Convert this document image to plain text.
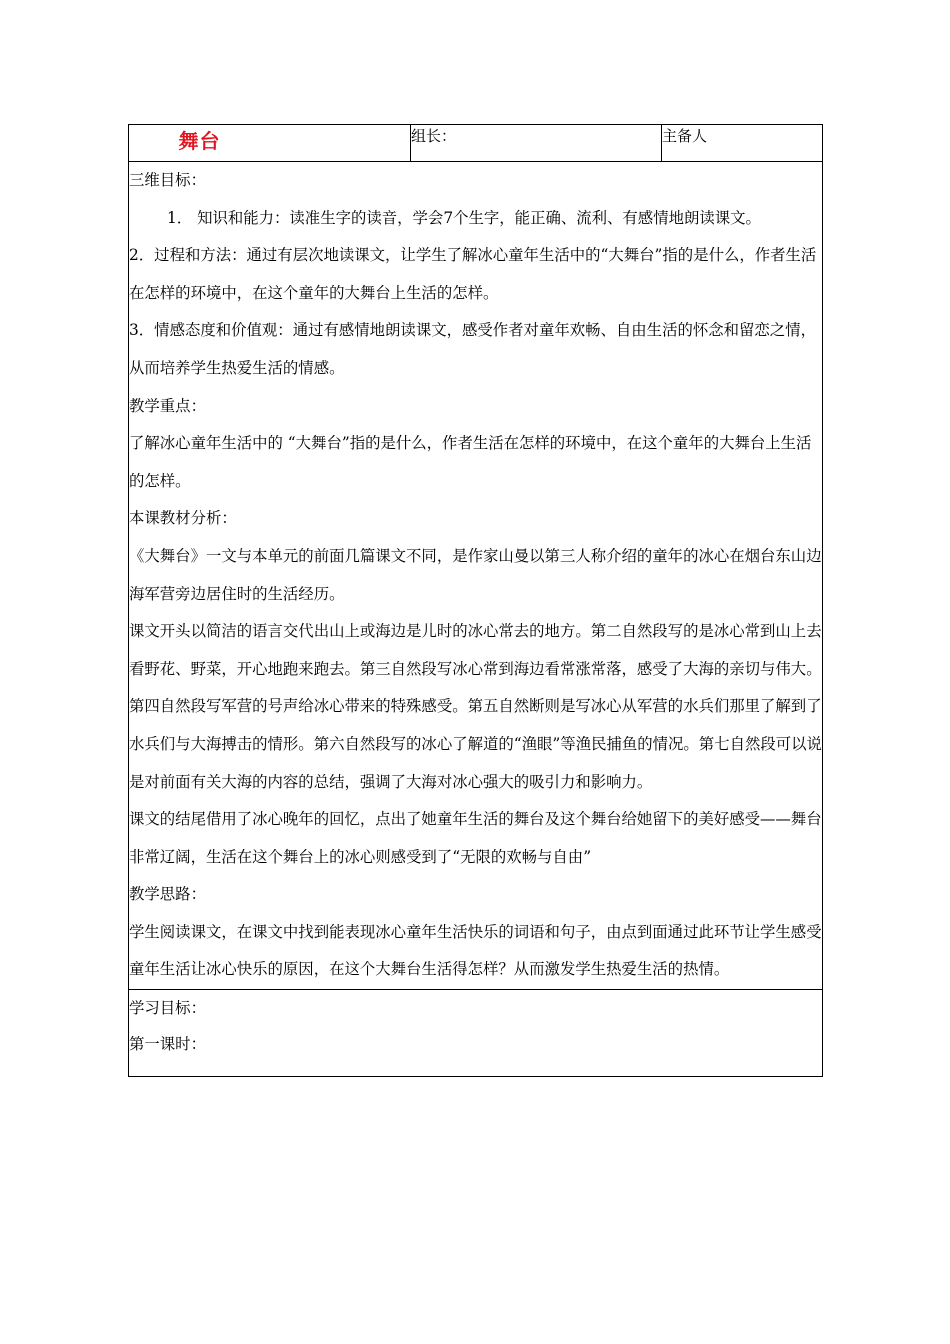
舞台	组长：	主备人

三维目标：

1． 知识和能力：读准生字的读音，学会7个生字，能正确、流利、有感情地朗读课文。

2．过程和方法：通过有层次地读课文，让学生了解冰心童年生活中的“大舞台”指的是什么，作者生活在怎样的环境中，在这个童年的大舞台上生活的怎样。

3．情感态度和价值观：通过有感情地朗读课文，感受作者对童年欢畅、自由生活的怀念和留恋之情，从而培养学生热爱生活的情感。

教学重点：

了解冰心童年生活中的 “大舞台”指的是什么，作者生活在怎样的环境中，在这个童年的大舞台上生活的怎样。

本课教材分析：

《大舞台》一文与本单元的前面几篇课文不同，是作家山曼以第三人称介绍的童年的冰心在烟台东山边海军营旁边居住时的生活经历。

课文开头以简洁的语言交代出山上或海边是儿时的冰心常去的地方。第二自然段写的是冰心常到山上去看野花、野菜，开心地跑来跑去。第三自然段写冰心常到海边看常涨常落，感受了大海的亲切与伟大。第四自然段写军营的号声给冰心带来的特殊感受。第五自然断则是写冰心从军营的水兵们那里了解到了水兵们与大海搏击的情形。第六自然段写的冰心了解道的“渔眼”等渔民捕鱼的情况。第七自然段可以说是对前面有关大海的内容的总结，强调了大海对冰心强大的吸引力和影响力。

课文的结尾借用了冰心晚年的回忆，点出了她童年生活的舞台及这个舞台给她留下的美好感受——舞台非常辽阔，生活在这个舞台上的冰心则感受到了“无限的欢畅与自由”

教学思路：

学生阅读课文，在课文中找到能表现冰心童年生活快乐的词语和句子，由点到面通过此环节让学生感受童年生活让冰心快乐的原因，在这个大舞台生活得怎样？从而激发学生热爱生活的热情。

学习目标：

第一课时：
